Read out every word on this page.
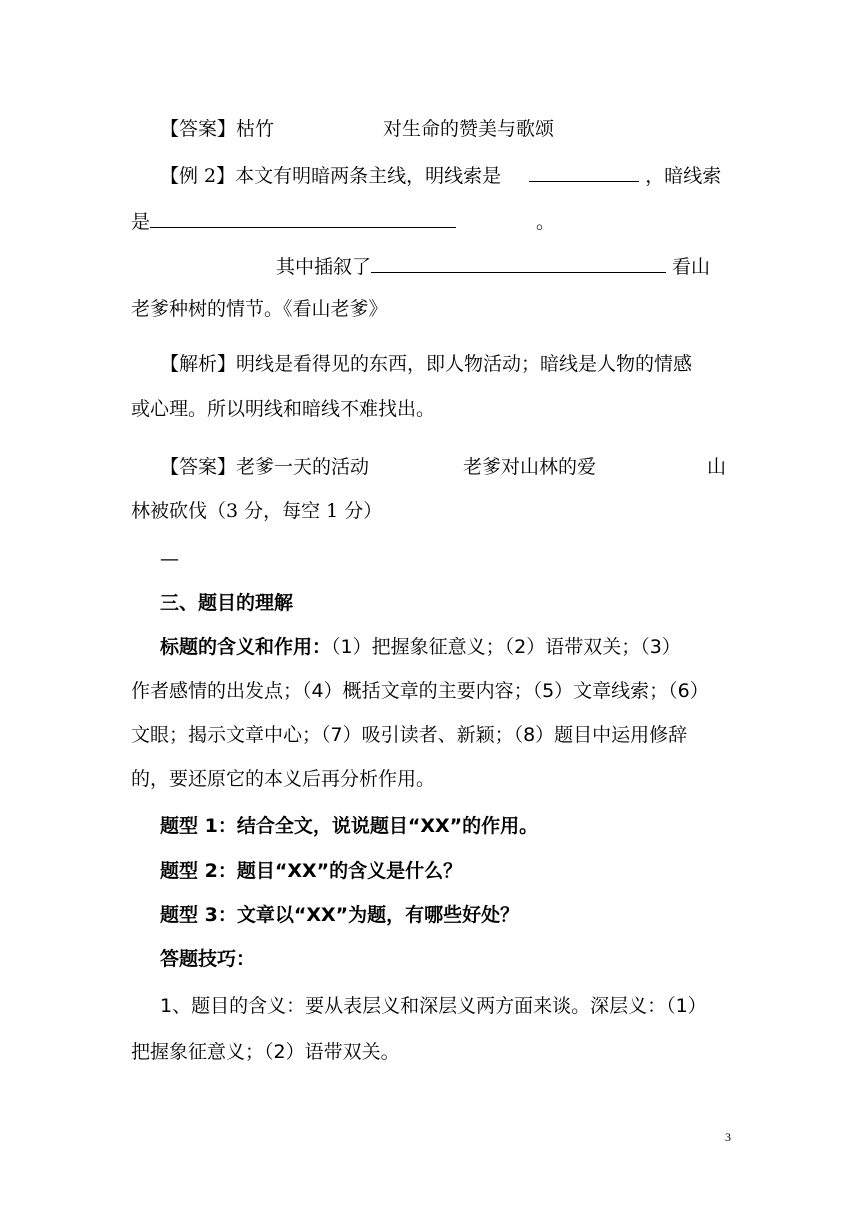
【答案】枯竹	对生命的赞美与歌颂
【例 2】本文有明暗两条主线，明线索是	，暗线索
是	。
其中插叙了	看山
老爹种树的情节。《看山老爹》
【解析】明线是看得见的东西，即人物活动；暗线是人物的情感
或心理。所以明线和暗线不难找出。
【答案】老爹一天的活动	老爹对山林的爱	山
林被砍伐（3 分，每空 1 分）
—
三、题目的理解
标题的含义和作用：（1）把握象征意义；（2）语带双关；（3）
作者感情的出发点；（4）概括文章的主要内容；（5）文章线索；（6）
文眼；揭示文章中心；（7）吸引读者、新颖；（8）题目中运用修辞
的，要还原它的本义后再分析作用。
题型 1：结合全文，说说题目“XX”的作用。
题型 2：题目“XX”的含义是什么？
题型 3：文章以“XX”为题，有哪些好处？
答题技巧：
1、题目的含义：要从表层义和深层义两方面来谈。深层义：（1）
把握象征意义；（2）语带双关。
3
